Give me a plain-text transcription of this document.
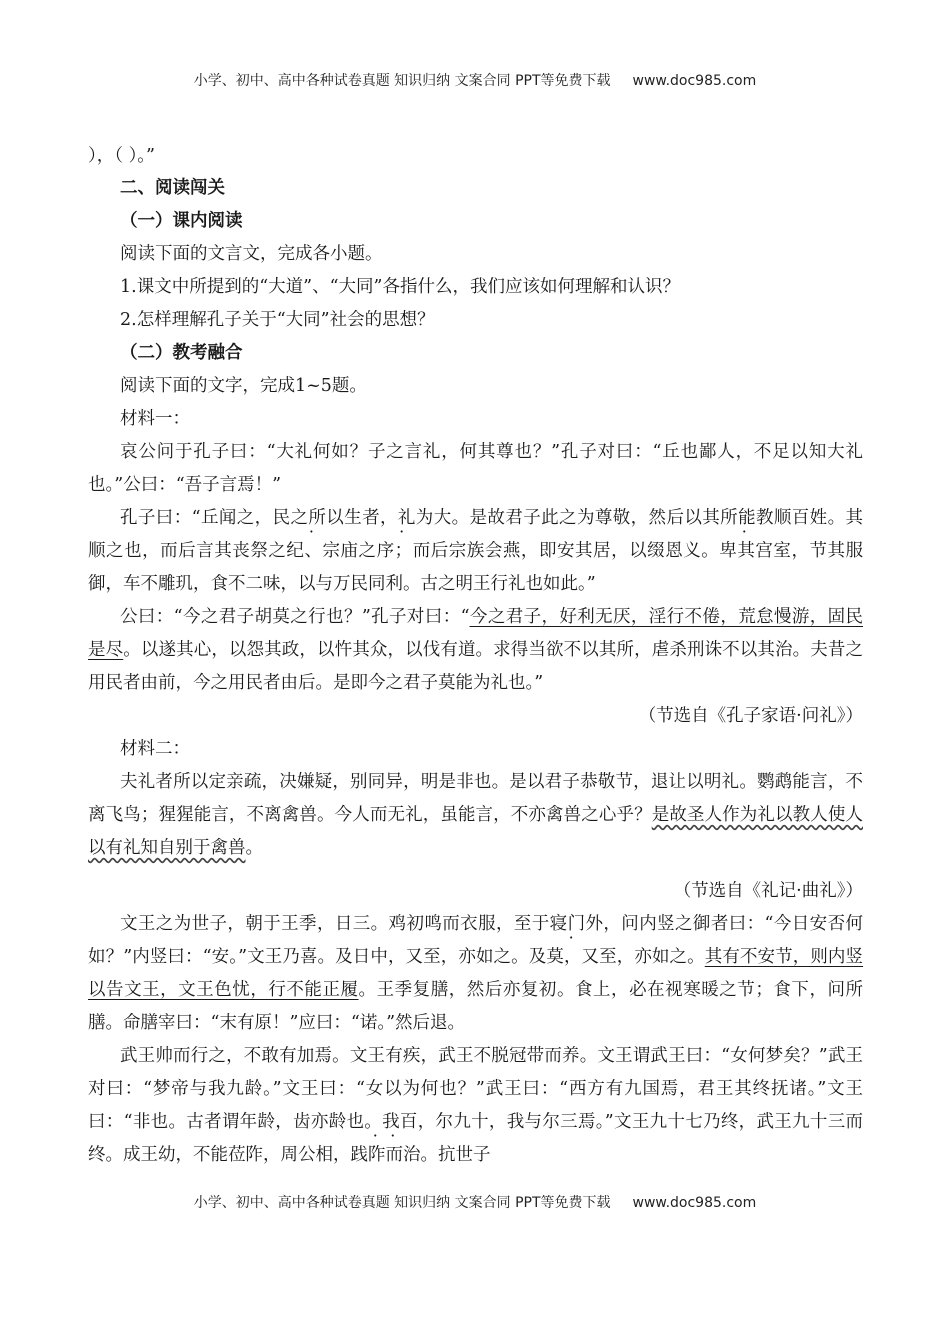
小学、初中、高中各种试卷真题 知识归纳 文案合同 PPT等免费下载 www.doc985.com
），（ ）。”
二、阅读闯关
（一）课内阅读
阅读下面的文言文，完成各小题。
1.课文中所提到的“大道”、“大同”各指什么，我们应该如何理解和认识？
2.怎样理解孔子关于“大同”社会的思想？
（二）教考融合
阅读下面的文字，完成1~5题。
材料一：

哀公问于孔子曰：“大礼何如？子之言礼，何其尊也？”孔子对曰：“丘也鄙人，不足以知大礼也。”公曰：“吾子言焉！”

孔子曰：“丘闻之，民之所以生者，礼为大。是故君子此之为尊敬，然后以其所能教顺百姓。其顺之也，而后言其丧祭之纪、宗庙之序；而后宗族会燕，即安其居，以缀恩义。卑其宫室，节其服御，车不雕玑，食不二味，以与万民同利。古之明王行礼也如此。”

公曰：“今之君子胡莫之行也？”孔子对曰：“今之君子，好利无厌，淫行不倦，荒怠慢游，固民是尽。以遂其心，以怨其政，以忤其众，以伐有道。求得当欲不以其所，虐杀刑诛不以其治。夫昔之用民者由前，今之用民者由后。是即今之君子莫能为礼也。”

（节选自《孔子家语·问礼》）
材料二：

夫礼者所以定亲疏，决嫌疑，别同异，明是非也。是以君子恭敬节，退让以明礼。鹦鹉能言，不离飞鸟；猩猩能言，不离禽兽。今人而无礼，虽能言，不亦禽兽之心乎？是故圣人作为礼以教人使人以有礼知自别于禽兽。

（节选自《礼记·曲礼》）

文王之为世子，朝于王季，日三。鸡初鸣而衣服，至于寝门外，问内竖之御者曰：“今日安否何如？”内竖曰：“安。”文王乃喜。及日中，又至，亦如之。及莫，又至，亦如之。其有不安节，则内竖以告文王，文王色忧，行不能正履。王季复膳，然后亦复初。食上，必在视寒暖之节；食下，问所膳。命膳宰曰：“末有原！”应曰：“诺。”然后退。

武王帅而行之，不敢有加焉。文王有疾，武王不脱冠带而养。文王谓武王曰：“女何梦矣？”武王对曰：“梦帝与我九龄。”文王曰：“女以为何也？”武王曰：“西方有九国焉，君王其终抚诸。”文王曰：“非也。古者谓年龄，齿亦龄也。我百，尔九十，我与尔三焉。”文王九十七乃终，武王九十三而终。成王幼，不能莅阼，周公相，践阼而治。抗世子

小学、初中、高中各种试卷真题 知识归纳 文案合同 PPT等免费下载 www.doc985.com
